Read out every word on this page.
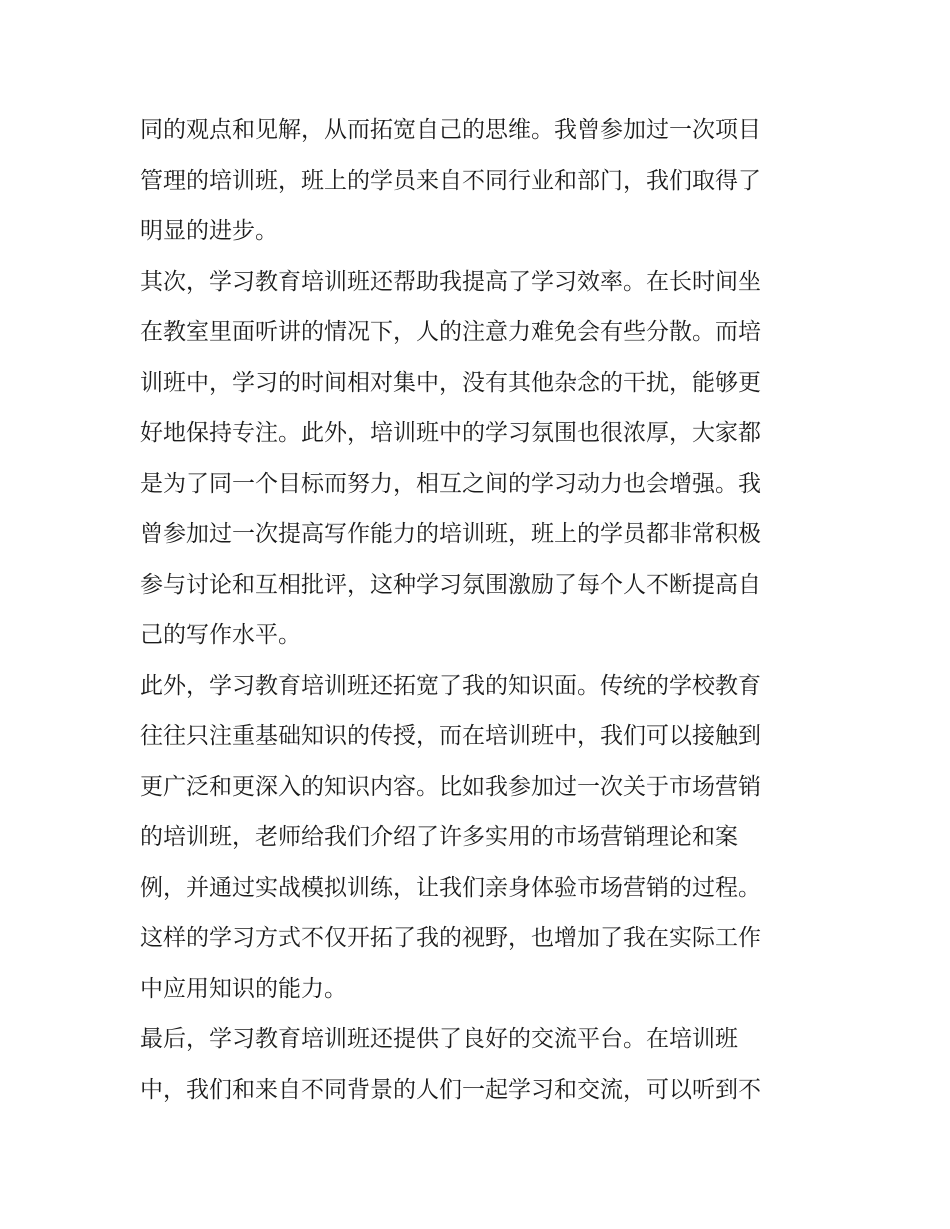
同的观点和见解，从而拓宽自己的思维。我曾参加过一次项目
管理的培训班，班上的学员来自不同行业和部门，我们取得了
明显的进步。
其次，学习教育培训班还帮助我提高了学习效率。在长时间坐
在教室里面听讲的情况下，人的注意力难免会有些分散。而培
训班中，学习的时间相对集中，没有其他杂念的干扰，能够更
好地保持专注。此外，培训班中的学习氛围也很浓厚，大家都
是为了同一个目标而努力，相互之间的学习动力也会增强。我
曾参加过一次提高写作能力的培训班，班上的学员都非常积极
参与讨论和互相批评，这种学习氛围激励了每个人不断提高自
己的写作水平。
此外，学习教育培训班还拓宽了我的知识面。传统的学校教育
往往只注重基础知识的传授，而在培训班中，我们可以接触到
更广泛和更深入的知识内容。比如我参加过一次关于市场营销
的培训班，老师给我们介绍了许多实用的市场营销理论和案
例，并通过实战模拟训练，让我们亲身体验市场营销的过程。
这样的学习方式不仅开拓了我的视野，也增加了我在实际工作
中应用知识的能力。
最后，学习教育培训班还提供了良好的交流平台。在培训班
中，我们和来自不同背景的人们一起学习和交流，可以听到不
